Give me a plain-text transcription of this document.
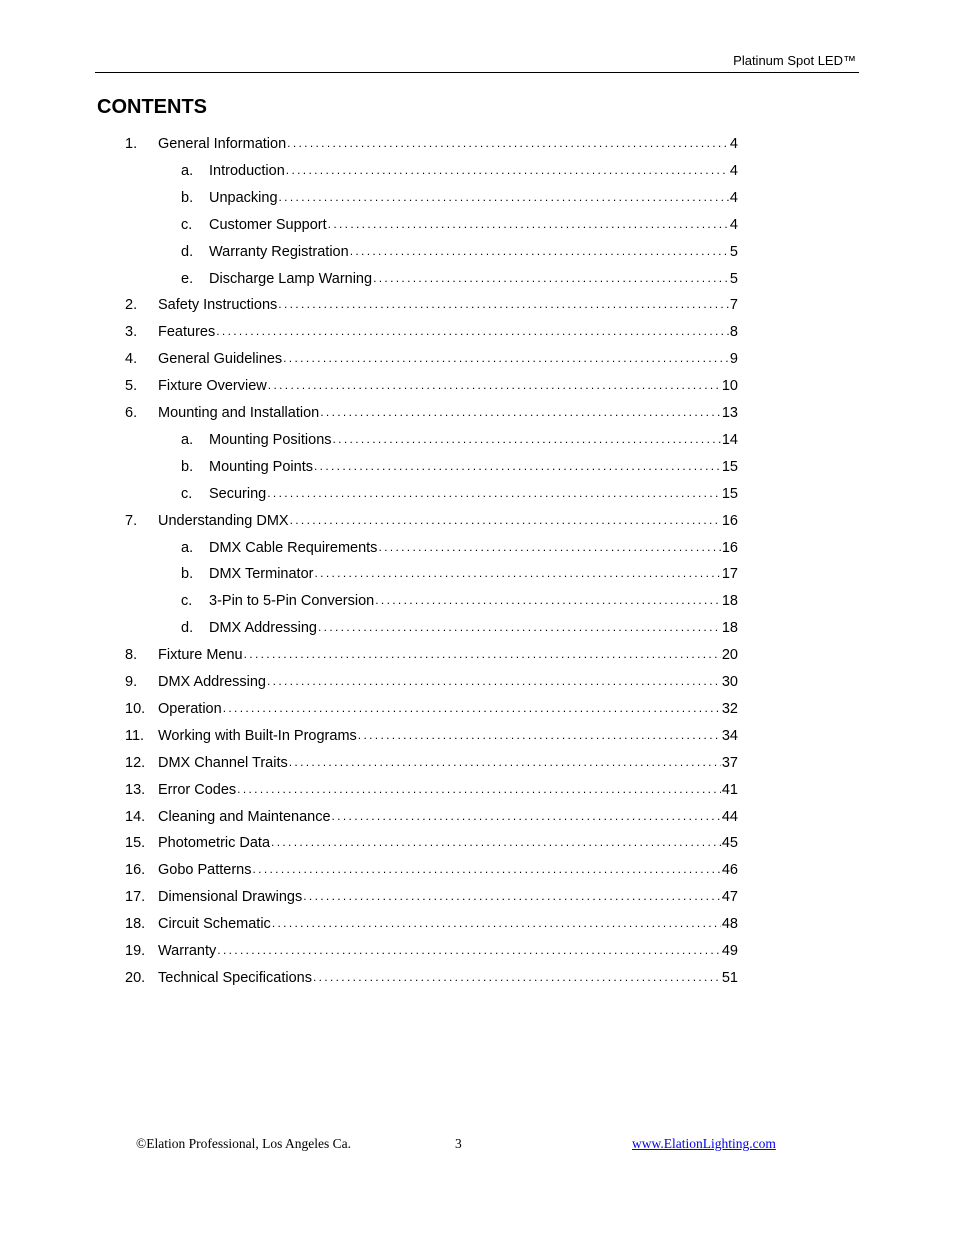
Platinum Spot LED™
CONTENTS
1.	General Information . . .	4
a.	Introduction . . .	4
b.	Unpacking . . .	4
c.	Customer Support . . .	4
d.	Warranty Registration . . .	5
e.	Discharge Lamp Warning . . .	5
2.	Safety Instructions . . .	7
3.	Features . . .	8
4.	General Guidelines . . .	9
5.	Fixture Overview . . .	10
6.	Mounting and Installation . . .	13
a.	Mounting Positions . . .	14
b.	Mounting Points . . .	15
c.	Securing . . .	15
7.	Understanding DMX . . .	16
a.	DMX Cable Requirements . . .	16
b.	DMX Terminator . . .	17
c.	3-Pin to 5-Pin Conversion . . .	18
d.	DMX Addressing . . .	18
8.	Fixture Menu . . .	20
9.	DMX Addressing . . .	30
10. Operation . . .	32
11. Working with Built-In Programs . . .	34
12. DMX Channel Traits . . .	37
13. Error Codes . . .	41
14. Cleaning and Maintenance . . .	44
15. Photometric Data . . .	45
16. Gobo Patterns . . .	46
17. Dimensional Drawings . . .	47
18. Circuit Schematic . . .	48
19. Warranty . . .	49
20. Technical Specifications . . .	51
©Elation Professional, Los Angeles Ca.	3	www.ElationLighting.com
